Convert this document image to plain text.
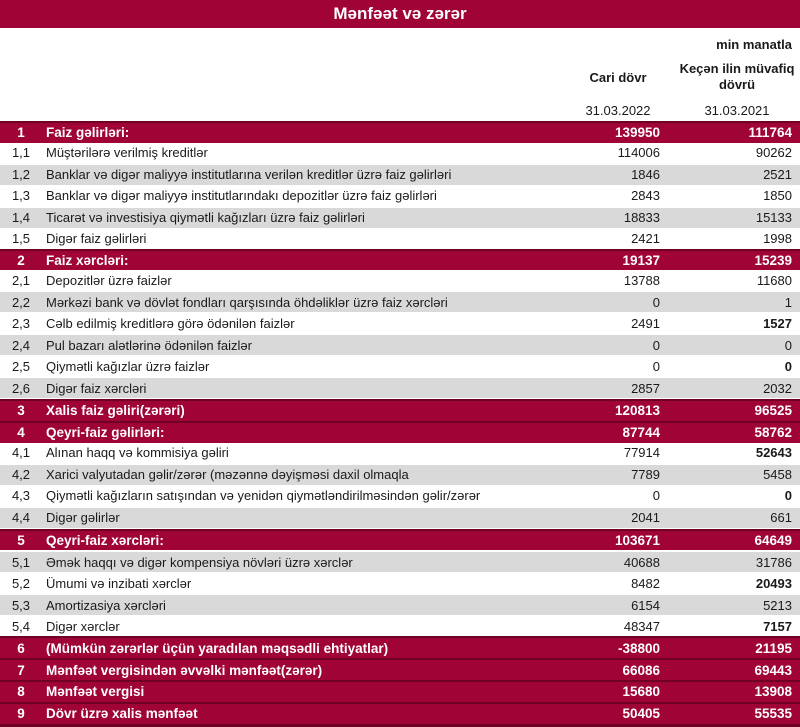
Mənfəət və zərər
min manatla
Cari dövr
Keçən ilin müvafiq dövrü
31.03.2022	31.03.2021
1	Faiz gəlirləri:	139950	111764
1,1	Müştərilərə verilmiş kreditlər	114006	90262
1,2	Banklar və digər maliyyə institutlarına verilən kreditlər üzrə faiz gəlirləri	1846	2521
1,3	Banklar və digər maliyyə institutlarındakı depozitlər üzrə faiz gəlirləri	2843	1850
1,4	Ticarət və investisiya qiymətli kağızları üzrə faiz gəlirləri	18833	15133
1,5	Digər faiz gəlirləri	2421	1998
2	Faiz xərcləri:	19137	15239
2,1	Depozitlər üzrə faizlər	13788	11680
2,2	Mərkəzi bank və dövlət fondları qarşısında öhdəliklər üzrə faiz xərcləri	0	1
2,3	Cəlb edilmiş kreditlərə görə ödənilən faizlər	2491	1527
2,4	Pul bazarı alətlərinə ödənilən faizlər	0	0
2,5	Qiymətli kağızlar üzrə faizlər	0	0
2,6	Digər faiz xərcləri	2857	2032
3	Xalis faiz gəliri(zərəri)	120813	96525
4	Qeyri-faiz gəlirləri:	87744	58762
4,1	Alınan haqq və kommisiya gəliri	77914	52643
4,2	Xarici valyutadan gəlir/zərər (məzənnə dəyişməsi daxil olmaqla	7789	5458
4,3	Qiymətli kağızların satışından və yenidən qiymətləndirilməsindən gəlir/zərər	0	0
4,4	Digər gəlirlər	2041	661
5	Qeyri-faiz xərcləri:	103671	64649
5,1	Əmək haqqı və digər kompensiya növləri üzrə xərclər	40688	31786
5,2	Ümumi və inzibati xərclər	8482	20493
5,3	Amortizasiya xərcləri	6154	5213
5,4	Digər xərclər	48347	7157
6	(Mümkün zərərlər üçün yaradılan məqsədli ehtiyatlar)	-38800	21195
7	Mənfəət vergisindən əvvəlki mənfəət(zərər)	66086	69443
8	Mənfəət vergisi	15680	13908
9	Dövr üzrə xalis mənfəət	50405	55535
